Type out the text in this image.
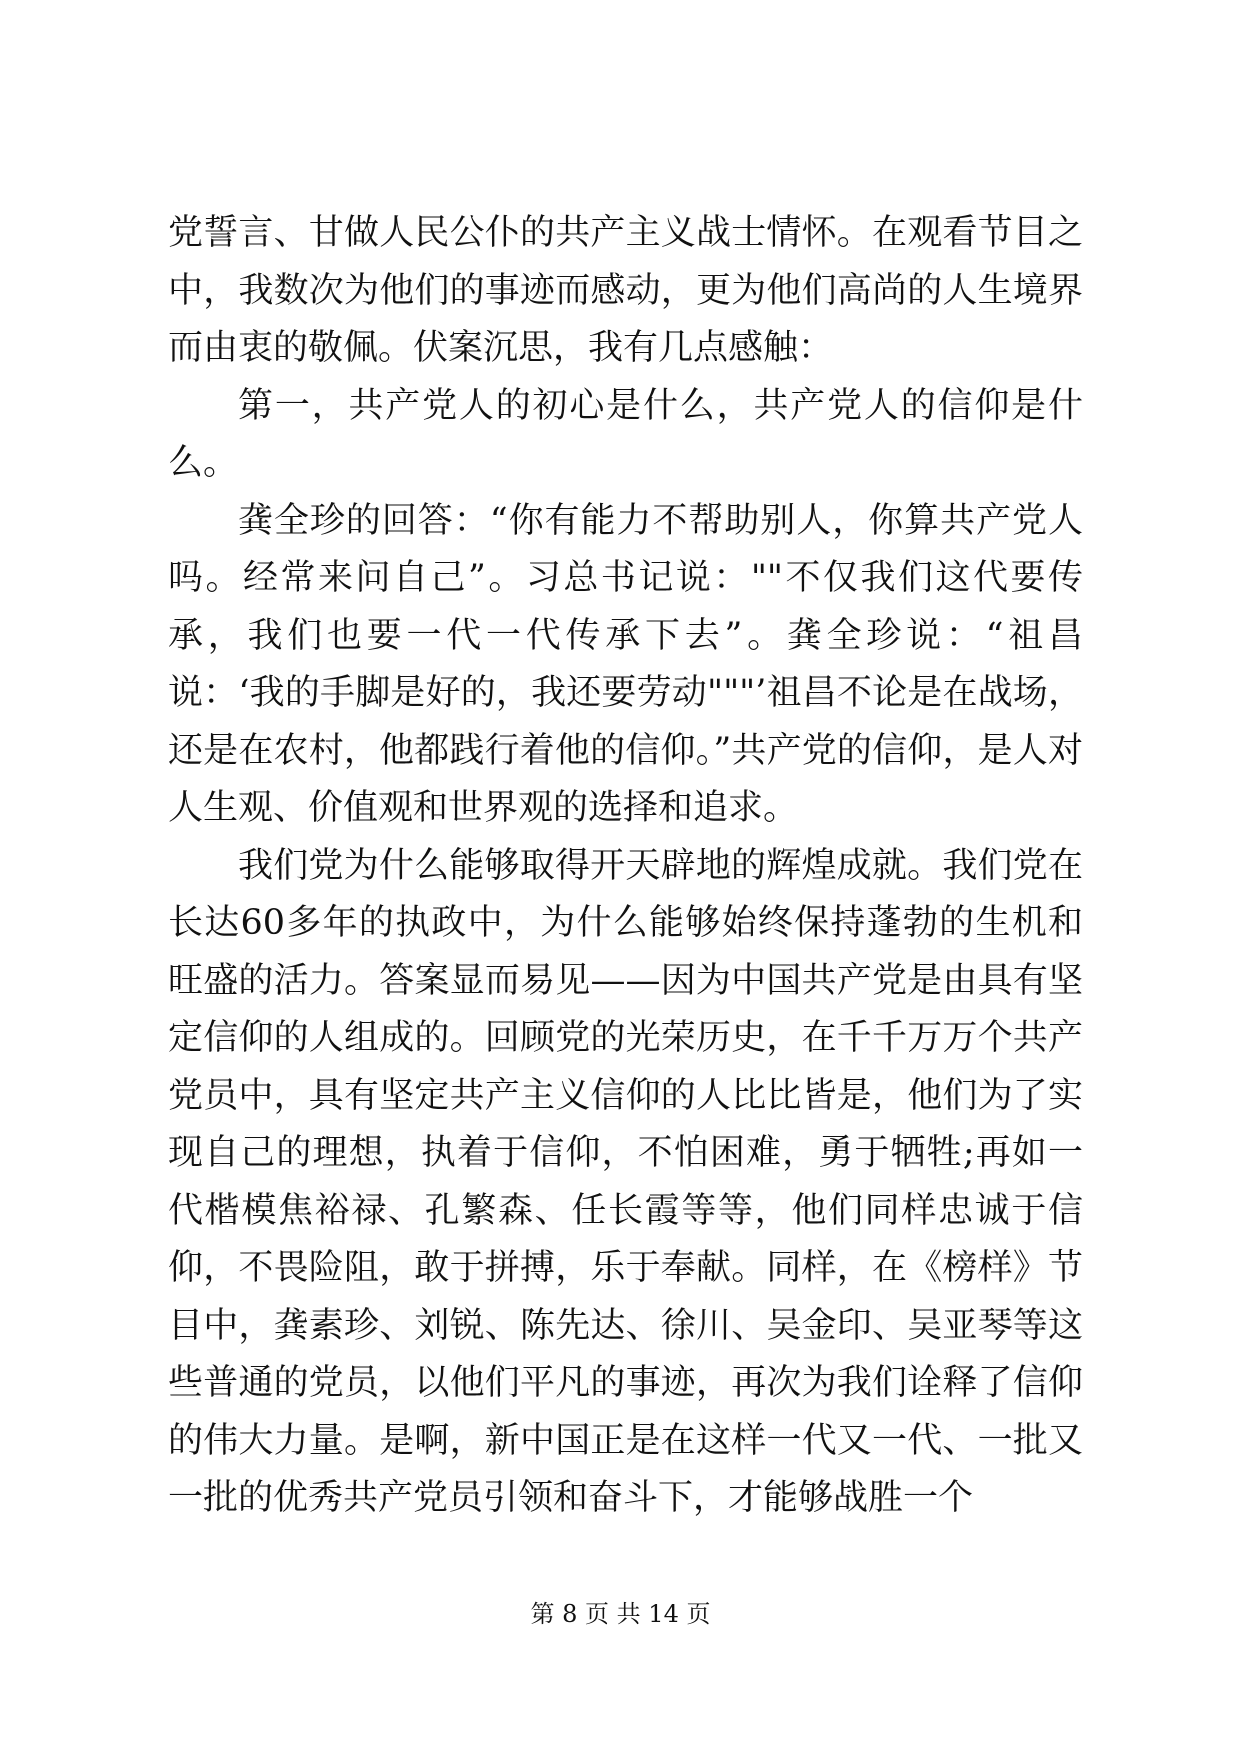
党誓言、甘做人民公仆的共产主义战士情怀。在观看节目之中，我数次为他们的事迹而感动，更为他们高尚的人生境界而由衷的敬佩。伏案沉思，我有几点感触：

第一，共产党人的初心是什么，共产党人的信仰是什么。

龚全珍的回答：“你有能力不帮助别人，你算共产党人吗。经常来问自己”。习总书记说：""不仅我们这代要传承，我们也要一代一代传承下去”。龚全珍说：“祖昌说：‘我的手脚是好的，我还要劳动"""’祖昌不论是在战场，还是在农村，他都践行着他的信仰。”共产党的信仰，是人对人生观、价值观和世界观的选择和追求。

我们党为什么能够取得开天辟地的辉煌成就。我们党在长达60多年的执政中，为什么能够始终保持蓬勃的生机和旺盛的活力。答案显而易见——因为中国共产党是由具有坚定信仰的人组成的。回顾党的光荣历史，在千千万万个共产党员中，具有坚定共产主义信仰的人比比皆是，他们为了实现自己的理想，执着于信仰，不怕困难，勇于牺牲;再如一代楷模焦裕禄、孔繁森、任长霞等等，他们同样忠诚于信仰，不畏险阻，敢于拼搏，乐于奉献。同样，在《榜样》节目中，龚素珍、刘锐、陈先达、徐川、吴金印、吴亚琴等这些普通的党员，以他们平凡的事迹，再次为我们诠释了信仰的伟大力量。是啊，新中国正是在这样一代又一代、一批又一批的优秀共产党员引领和奋斗下，才能够战胜一个

第 8 页 共 14 页
